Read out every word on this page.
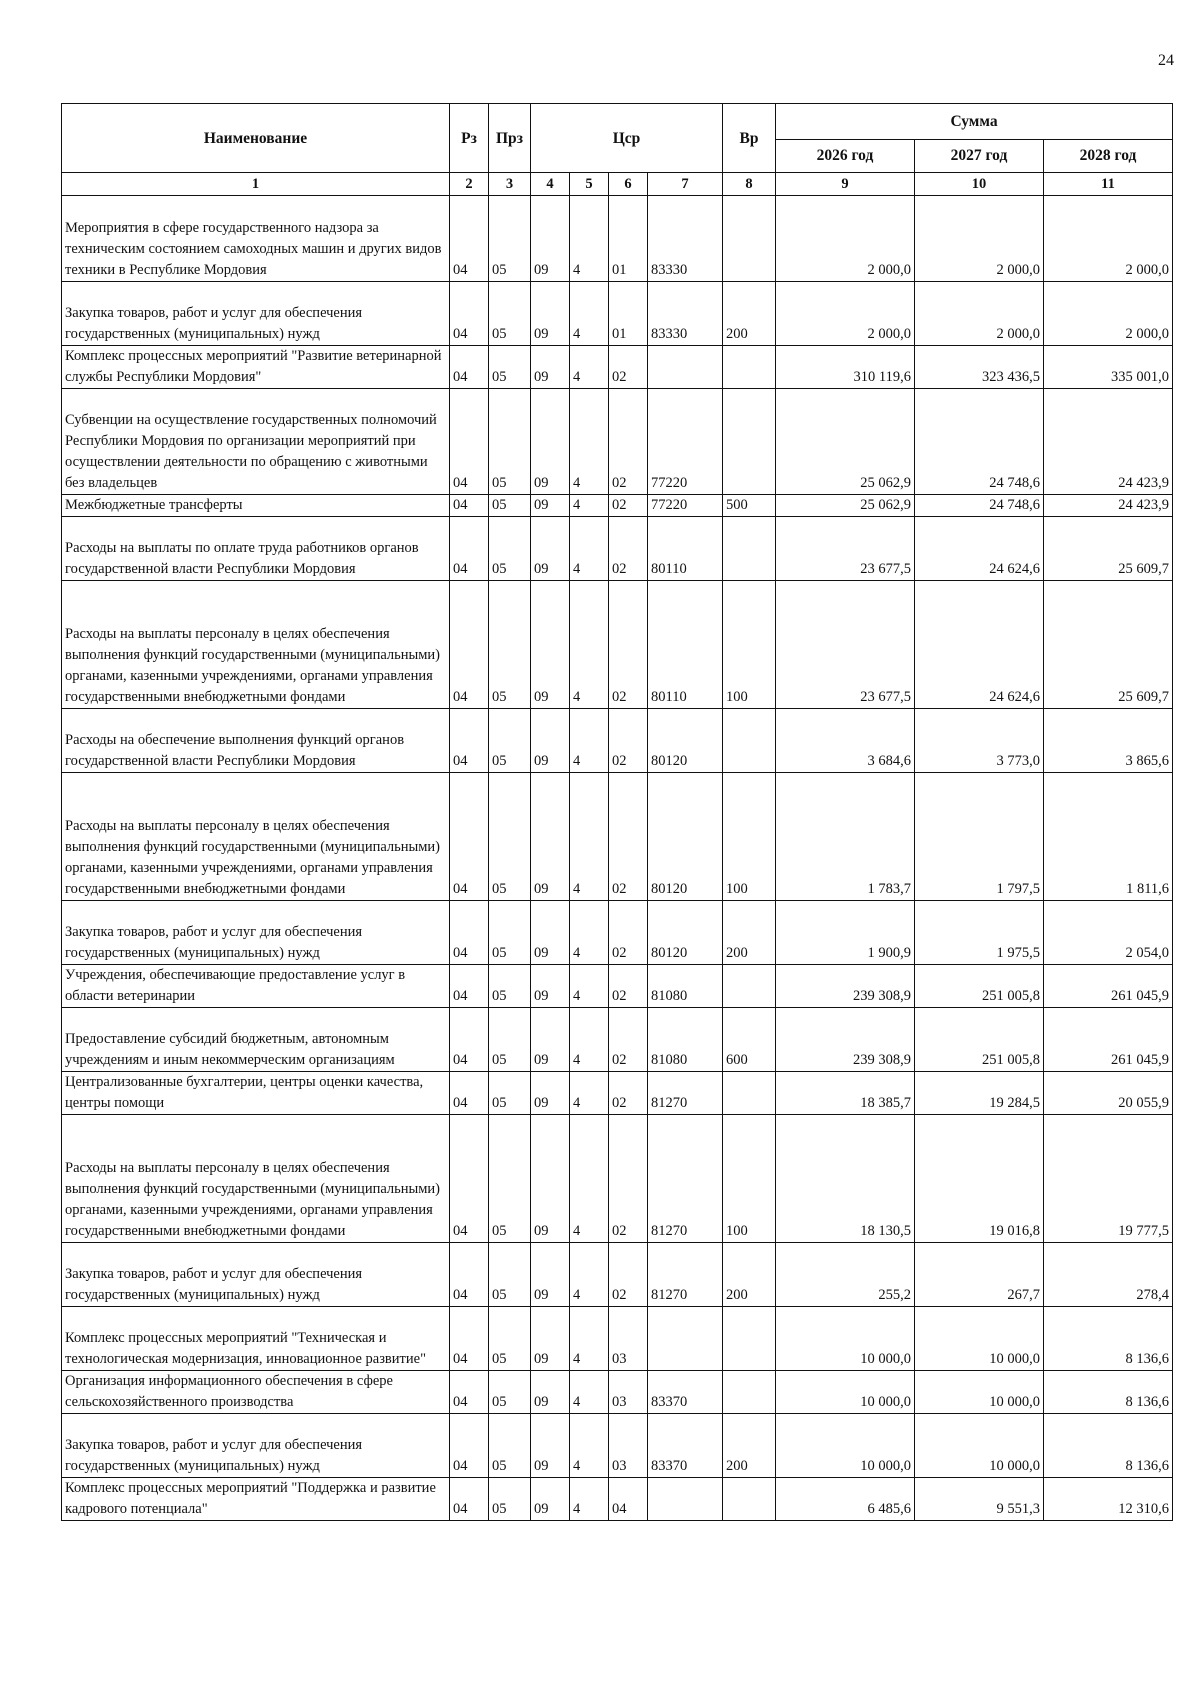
24
Наименование	Рз	Прз	Цср				Вр	Сумма		
								2026 год	2027 год	2028 год
1	2	3	4	5	6	7	8	9	10	11
Мероприятия в сфере государственного надзора за техническим состоянием самоходных машин и других видов техники в Республике Мордовия	04	05	09	4	01	83330		2 000,0	2 000,0	2 000,0
Закупка товаров, работ и услуг для обеспечения государственных (муниципальных) нужд	04	05	09	4	01	83330	200	2 000,0	2 000,0	2 000,0
Комплекс процессных мероприятий "Развитие ветеринарной службы Республики Мордовия"	04	05	09	4	02			310 119,6	323 436,5	335 001,0
Субвенции на осуществление государственных полномочий Республики Мордовия по организации мероприятий при осуществлении деятельности по обращению с животными без владельцев	04	05	09	4	02	77220		25 062,9	24 748,6	24 423,9
Межбюджетные трансферты	04	05	09	4	02	77220	500	25 062,9	24 748,6	24 423,9
Расходы на выплаты по оплате труда работников органов государственной власти Республики Мордовия	04	05	09	4	02	80110		23 677,5	24 624,6	25 609,7
Расходы на выплаты персоналу в целях обеспечения выполнения функций государственными (муниципальными) органами, казенными учреждениями, органами управления государственными внебюджетными фондами	04	05	09	4	02	80110	100	23 677,5	24 624,6	25 609,7
Расходы на обеспечение выполнения функций органов государственной власти Республики Мордовия	04	05	09	4	02	80120		3 684,6	3 773,0	3 865,6
Расходы на выплаты персоналу в целях обеспечения выполнения функций государственными (муниципальными) органами, казенными учреждениями, органами управления государственными внебюджетными фондами	04	05	09	4	02	80120	100	1 783,7	1 797,5	1 811,6
Закупка товаров, работ и услуг для обеспечения государственных (муниципальных) нужд	04	05	09	4	02	80120	200	1 900,9	1 975,5	2 054,0
Учреждения, обеспечивающие предоставление услуг в области ветеринарии	04	05	09	4	02	81080		239 308,9	251 005,8	261 045,9
Предоставление субсидий бюджетным, автономным учреждениям и иным некоммерческим организациям	04	05	09	4	02	81080	600	239 308,9	251 005,8	261 045,9
Централизованные бухгалтерии, центры оценки качества, центры помощи	04	05	09	4	02	81270		18 385,7	19 284,5	20 055,9
Расходы на выплаты персоналу в целях обеспечения выполнения функций государственными (муниципальными) органами, казенными учреждениями, органами управления государственными внебюджетными фондами	04	05	09	4	02	81270	100	18 130,5	19 016,8	19 777,5
Закупка товаров, работ и услуг для обеспечения государственных (муниципальных) нужд	04	05	09	4	02	81270	200	255,2	267,7	278,4
Комплекс процессных мероприятий "Техническая и технологическая модернизация, инновационное развитие"	04	05	09	4	03			10 000,0	10 000,0	8 136,6
Организация информационного обеспечения в сфере сельскохозяйственного производства	04	05	09	4	03	83370		10 000,0	10 000,0	8 136,6
Закупка товаров, работ и услуг для обеспечения государственных (муниципальных) нужд	04	05	09	4	03	83370	200	10 000,0	10 000,0	8 136,6
Комплекс процессных мероприятий "Поддержка и развитие кадрового потенциала"	04	05	09	4	04			6 485,6	9 551,3	12 310,6
